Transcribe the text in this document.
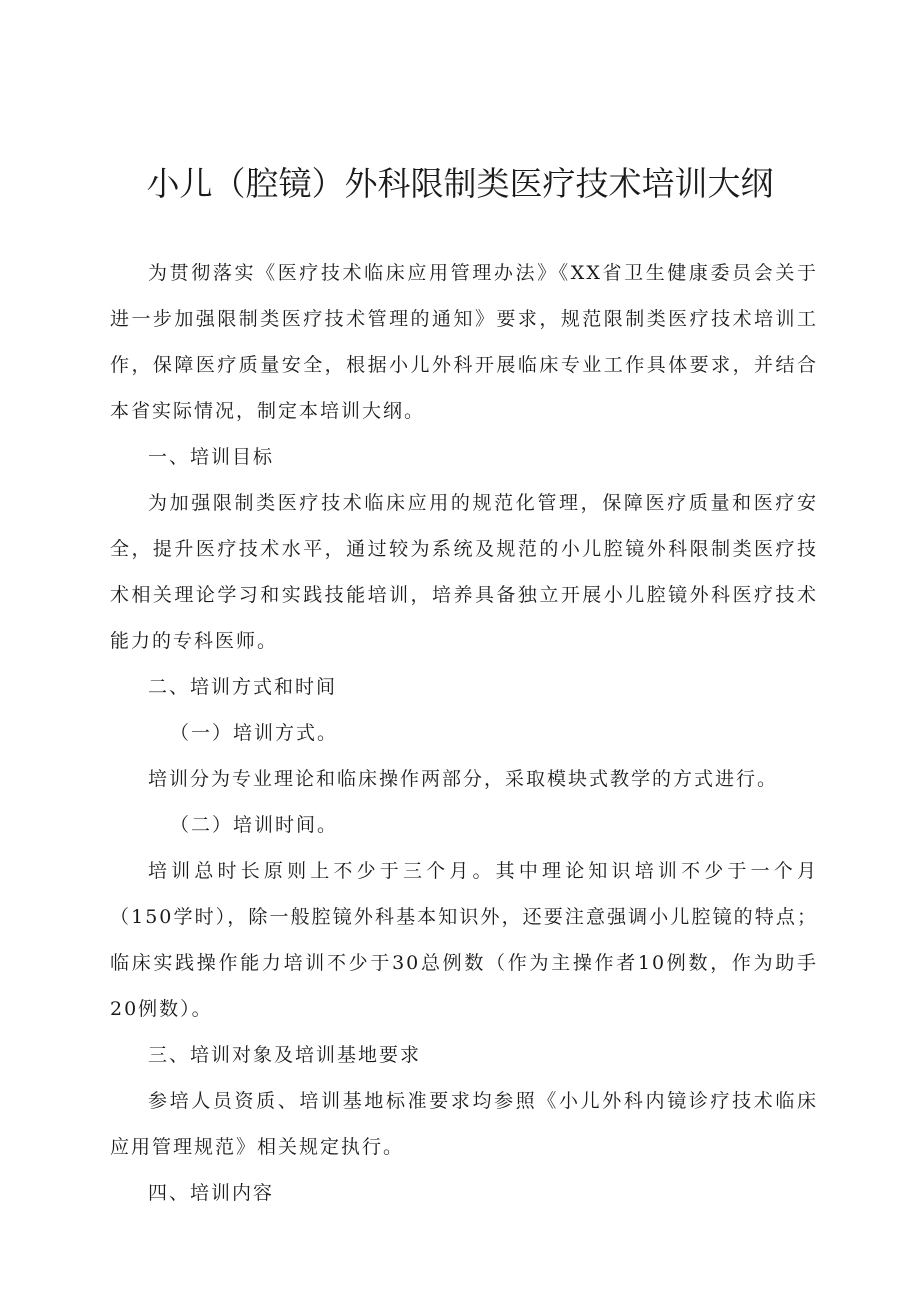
小儿（腔镜）外科限制类医疗技术培训大纲

为贯彻落实《医疗技术临床应用管理办法》《XX省卫生健康委员会关于进一步加强限制类医疗技术管理的通知》要求，规范限制类医疗技术培训工作，保障医疗质量安全，根据小儿外科开展临床专业工作具体要求，并结合本省实际情况，制定本培训大纲。

一、培训目标

为加强限制类医疗技术临床应用的规范化管理，保障医疗质量和医疗安全，提升医疗技术水平，通过较为系统及规范的小儿腔镜外科限制类医疗技术相关理论学习和实践技能培训，培养具备独立开展小儿腔镜外科医疗技术能力的专科医师。

二、培训方式和时间

（一）培训方式。

培训分为专业理论和临床操作两部分，采取模块式教学的方式进行。

（二）培训时间。

培训总时长原则上不少于三个月。其中理论知识培训不少于一个月（150学时），除一般腔镜外科基本知识外，还要注意强调小儿腔镜的特点；临床实践操作能力培训不少于30总例数（作为主操作者10例数，作为助手20例数）。

三、培训对象及培训基地要求

参培人员资质、培训基地标准要求均参照《小儿外科内镜诊疗技术临床应用管理规范》相关规定执行。

四、培训内容
